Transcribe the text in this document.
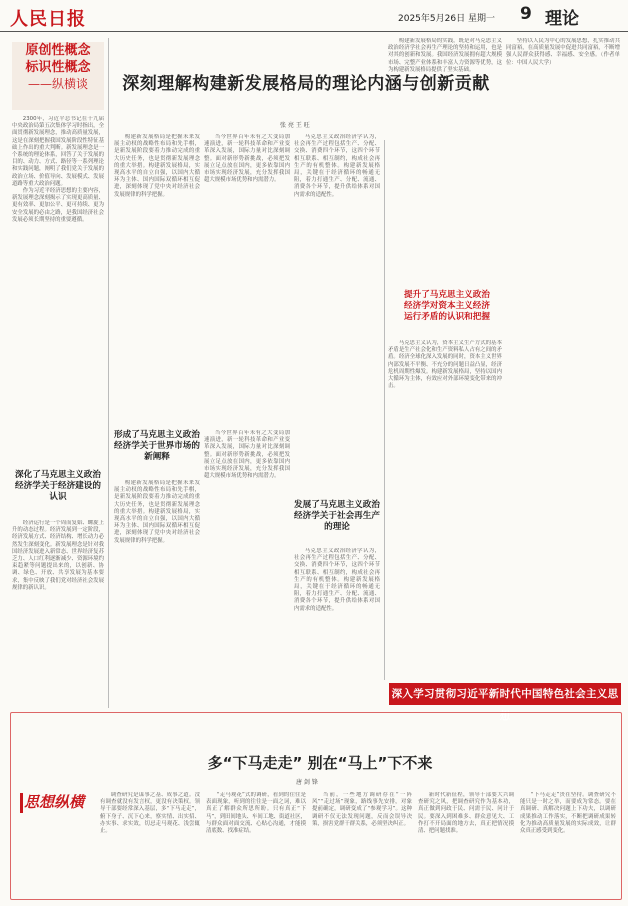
人民日报	2025年5月26日 星期一 9 理论
原创性概念
标识性概念
——纵横谈

2300年，习近平总书记在十九届中央政治局第五次集体学习时指出，全面贯彻新发展理念，推动高质量发展，这是在深刻把握我国发展阶段性特征基础上作出的重大判断。新发展理念是一个系统的理论体系，回答了关于发展的目的、动力、方式、路径等一系列理论和实践问题，阐明了我们党关于发展的政治立场、价值导向、发展模式、发展道路等重大政治问题。

作为习近平经济思想的主要内容，新发展理念深刻揭示了实现更高质量、更有效率、更加公平、更可持续、更为安全发展的必由之路，是我国经济社会发展必须长期坚持的重要遵循。

深化了马克思主义政治经济学关于经济建设的认识

经济运行是一个周而复始、螺旋上升的动态过程。经济发展到一定阶段，经济发展方式、经济结构、增长动力必然发生深刻变化。新发展理念是针对我国经济发展进入新常态、世界经济复苏乏力、人口红利逐渐减少、资源环境约束趋紧等问题提出来的，以创新、协调、绿色、开放、共享发展为基本要求，集中反映了我们党对经济社会发展规律的新认识。

深刻理解构建新发展格局的理论内涵与创新贡献
张 亮 王 旺

构建新发展格局是把握未来发展主动权的战略性布局和先手棋，是新发展阶段要着力推动完成的重大历史任务，也是贯彻新发展理念的重大举措。构建新发展格局，实现高水平的自立自强，以国内大循环为主体、国内国际双循环相互促进，深刻体现了党中央对经济社会发展规律的科学把握。

当今世界百年未有之大变局加速演进，新一轮科技革命和产业变革深入发展，国际力量对比深刻调整。面对新形势新挑战，必须把发展立足点放在国内，更多依靠国内市场实现经济发展，充分发挥我国超大规模市场优势和内需潜力。

马克思主义政治经济学认为，社会再生产过程包括生产、分配、交换、消费四个环节，这四个环节相互联系、相互制约，构成社会再生产的有机整体。构建新发展格局，关键在于经济循环的畅通无阻，着力打通生产、分配、流通、消费各个环节，提升供给体系对国内需求的适配性。

构建新发展格局的实践，既是对马克思主义政治经济学社会再生产理论的坚持和运用，也是对其的创新和发展。我国经济发展拥有超大规模市场、完整产业体系和丰富人力资源等优势，这为构建新发展格局提供了坚实基础。

提升了马克思主义政治经济学对资本主义经济运行矛盾的认识和把握

马克思主义认为，资本主义生产方式的基本矛盾是生产社会化和生产资料私人占有之间的矛盾。经济全球化深入发展的同时，资本主义世界内部发展不平衡、不充分的问题日益凸显，经济危机周期性爆发。构建新发展格局，坚持以国内大循环为主体，有效应对外部环境变化带来的冲击。

坚持以人民为中心的发展思想，扎实推动共同富裕，在高质量发展中促进共同富裕，不断增强人民群众获得感、幸福感、安全感。（作者单位：中国人民大学）

形成了马克思主义政治经济学关于世界市场的新阐释

构建新发展格局是把握未来发展主动权的战略性布局和先手棋，是新发展阶段要着力推动完成的重大历史任务，也是贯彻新发展理念的重大举措。构建新发展格局，实现高水平的自立自强，以国内大循环为主体、国内国际双循环相互促进，深刻体现了党中央对经济社会发展规律的科学把握。

发展了马克思主义政治经济学关于社会再生产的理论

当今世界百年未有之大变局加速演进，新一轮科技革命和产业变革深入发展，国际力量对比深刻调整。面对新形势新挑战，必须把发展立足点放在国内，更多依靠国内市场实现经济发展，充分发挥我国超大规模市场优势和内需潜力。

马克思主义政治经济学认为，社会再生产过程包括生产、分配、交换、消费四个环节，这四个环节相互联系、相互制约，构成社会再生产的有机整体。构建新发展格局，关键在于经济循环的畅通无阻，着力打通生产、分配、流通、消费各个环节，提升供给体系对国内需求的适配性。

深入学习贯彻习近平新时代中国特色社会主义思想
多“下马走走” 别在“马上”下不来
唐 剑 锋
思想纵横	调查研究是谋事之基、成事之道。没有调查就没有发言权，更没有决策权。领导干部要经常深入基层，多“下马走走”，俯下身子、沉下心来，察实情、出实招、办实事、求实效，切忌走马观花、浅尝辄止。

“走马观花”式的调研，看到的往往是表面现象，听到的往往是一面之词，难以真正了解群众所思所盼。只有真正“下马”，到田间地头、车间工地、街道社区，与群众面对面交流、心贴心沟通，才能摸清底数、找准症结。

当前，一些地方调研存在“一阵风”“走过场”现象，路线事先安排，对象提前确定，调研变成了“参观学习”。这种调研不仅无法发现问题，反而会误导决策，损害党群干群关系，必须坚决纠正。

新时代新征程，领导干部要大兴调查研究之风，把调查研究作为基本功，真正做到问政于民、问需于民、问计于民。要深入到困难多、群众意见大、工作打不开局面的地方去，真正把情况摸清、把问题找准。

“下马走走”贵在坚持。调查研究不能只是一时之举，而要成为常态。要在真调研、真解决问题上下功夫，以调研成果推动工作落实，不断把调研成果转化为推动高质量发展的实际成效，让群众真正感受到变化。
